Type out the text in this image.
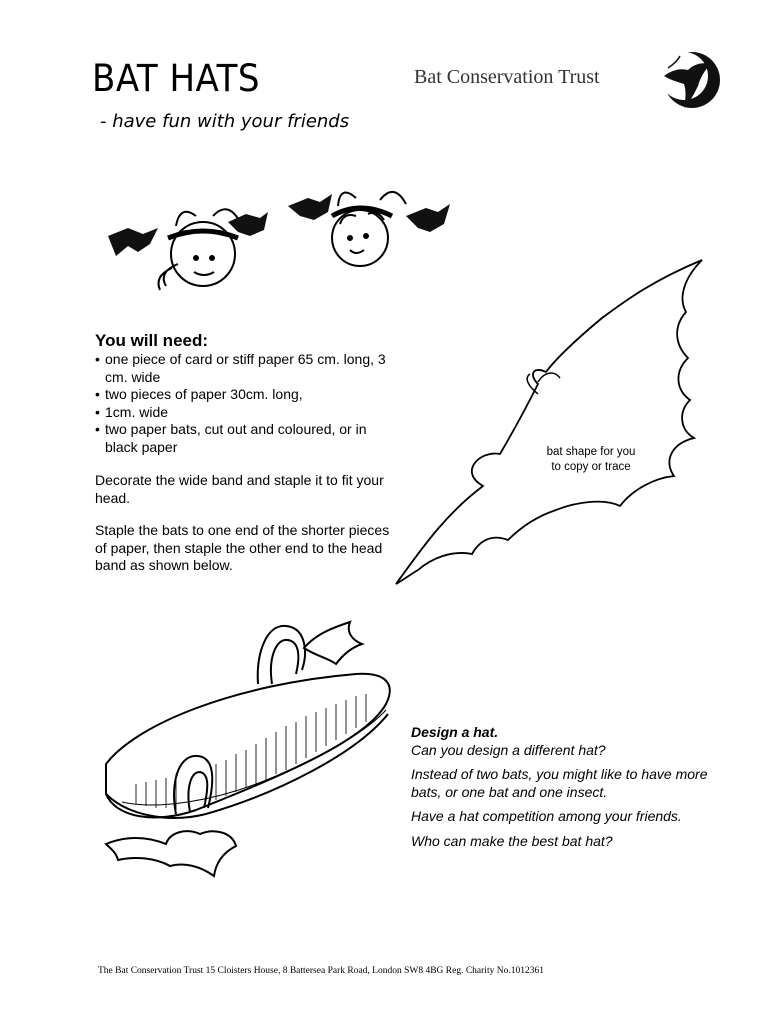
BAT HATS
- have fun with your friends
Bat Conservation Trust
You will need:
• one piece of card or stiff paper 65 cm. long, 3 cm. wide
• two pieces of paper 30cm. long,
• 1cm. wide
• two paper bats, cut out and coloured, or in black paper

Decorate the wide band and staple it to fit your head.

Staple the bats to one end of the shorter pieces of paper, then staple the other end to the head band as shown below.

bat shape for you
to copy or trace

Design a hat.

Can you design a different hat?

Instead of two bats, you might like to have more bats, or one bat and one insect.

Have a hat competition among your friends.

Who can make the best bat hat?

The Bat Conservation Trust 15 Cloisters House, 8 Battersea Park Road, London SW8 4BG Reg. Charity No.1012361
